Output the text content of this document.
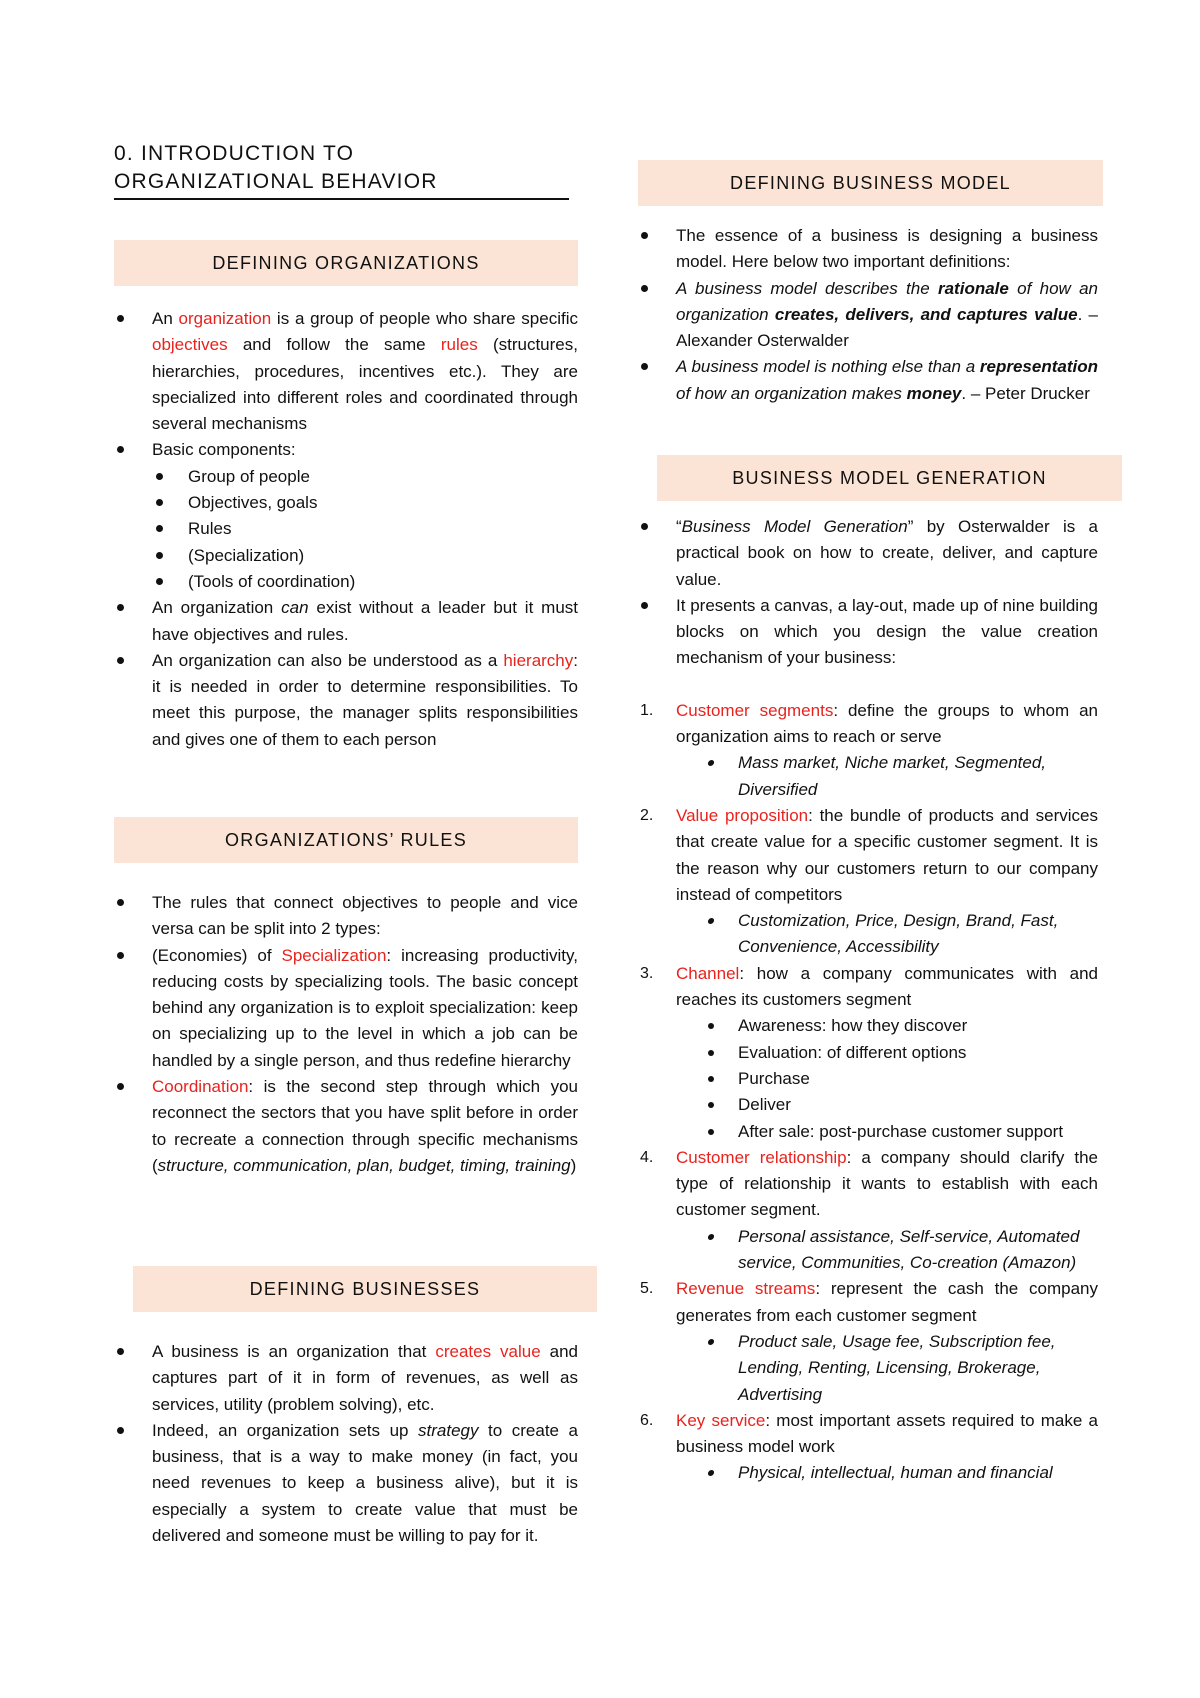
0. INTRODUCTION TO
ORGANIZATIONAL BEHAVIOR
DEFINING ORGANIZATIONS
An organization is a group of people who share specific objectives and follow the same rules (structures, hierarchies, procedures, incentives etc.). They are specialized into different roles and coordinated through several mechanisms
Basic components:
Group of people
Objectives, goals
Rules
(Specialization)
(Tools of coordination)
An organization can exist without a leader but it must have objectives and rules.
An organization can also be understood as a hierarchy: it is needed in order to determine responsibilities. To meet this purpose, the manager splits responsibilities and gives one of them to each person
ORGANIZATIONS’ RULES
The rules that connect objectives to people and vice versa can be split into 2 types:
(Economies) of Specialization: increasing productivity, reducing costs by specializing tools. The basic concept behind any organization is to exploit specialization: keep on specializing up to the level in which a job can be handled by a single person, and thus redefine hierarchy
Coordination: is the second step through which you reconnect the sectors that you have split before in order to recreate a connection through specific mechanisms (structure, communication, plan, budget, timing, training)
DEFINING BUSINESSES
A business is an organization that creates value and captures part of it in form of revenues, as well as services, utility (problem solving), etc.
Indeed, an organization sets up strategy to create a business, that is a way to make money (in fact, you need revenues to keep a business alive), but it is especially a system to create value that must be delivered and someone must be willing to pay for it.
DEFINING BUSINESS MODEL
The essence of a business is designing a business model. Here below two important definitions:
A business model describes the rationale of how an organization creates, delivers, and captures value. – Alexander Osterwalder
A business model is nothing else than a representation of how an organization makes money. – Peter Drucker
BUSINESS MODEL GENERATION
“Business Model Generation” by Osterwalder is a practical book on how to create, deliver, and capture value.
It presents a canvas, a lay-out, made up of nine building blocks on which you design the value creation mechanism of your business:
1. Customer segments: define the groups to whom an organization aims to reach or serve
Mass market, Niche market, Segmented, Diversified
2. Value proposition: the bundle of products and services that create value for a specific customer segment. It is the reason why our customers return to our company instead of competitors
Customization, Price, Design, Brand, Fast, Convenience, Accessibility
3. Channel: how a company communicates with and reaches its customers segment
Awareness: how they discover
Evaluation: of different options
Purchase
Deliver
After sale: post-purchase customer support
4. Customer relationship: a company should clarify the type of relationship it wants to establish with each customer segment.
Personal assistance, Self-service, Automated service, Communities, Co-creation (Amazon)
5. Revenue streams: represent the cash the company generates from each customer segment
Product sale, Usage fee, Subscription fee, Lending, Renting, Licensing, Brokerage, Advertising
6. Key service: most important assets required to make a business model work
Physical, intellectual, human and financial
